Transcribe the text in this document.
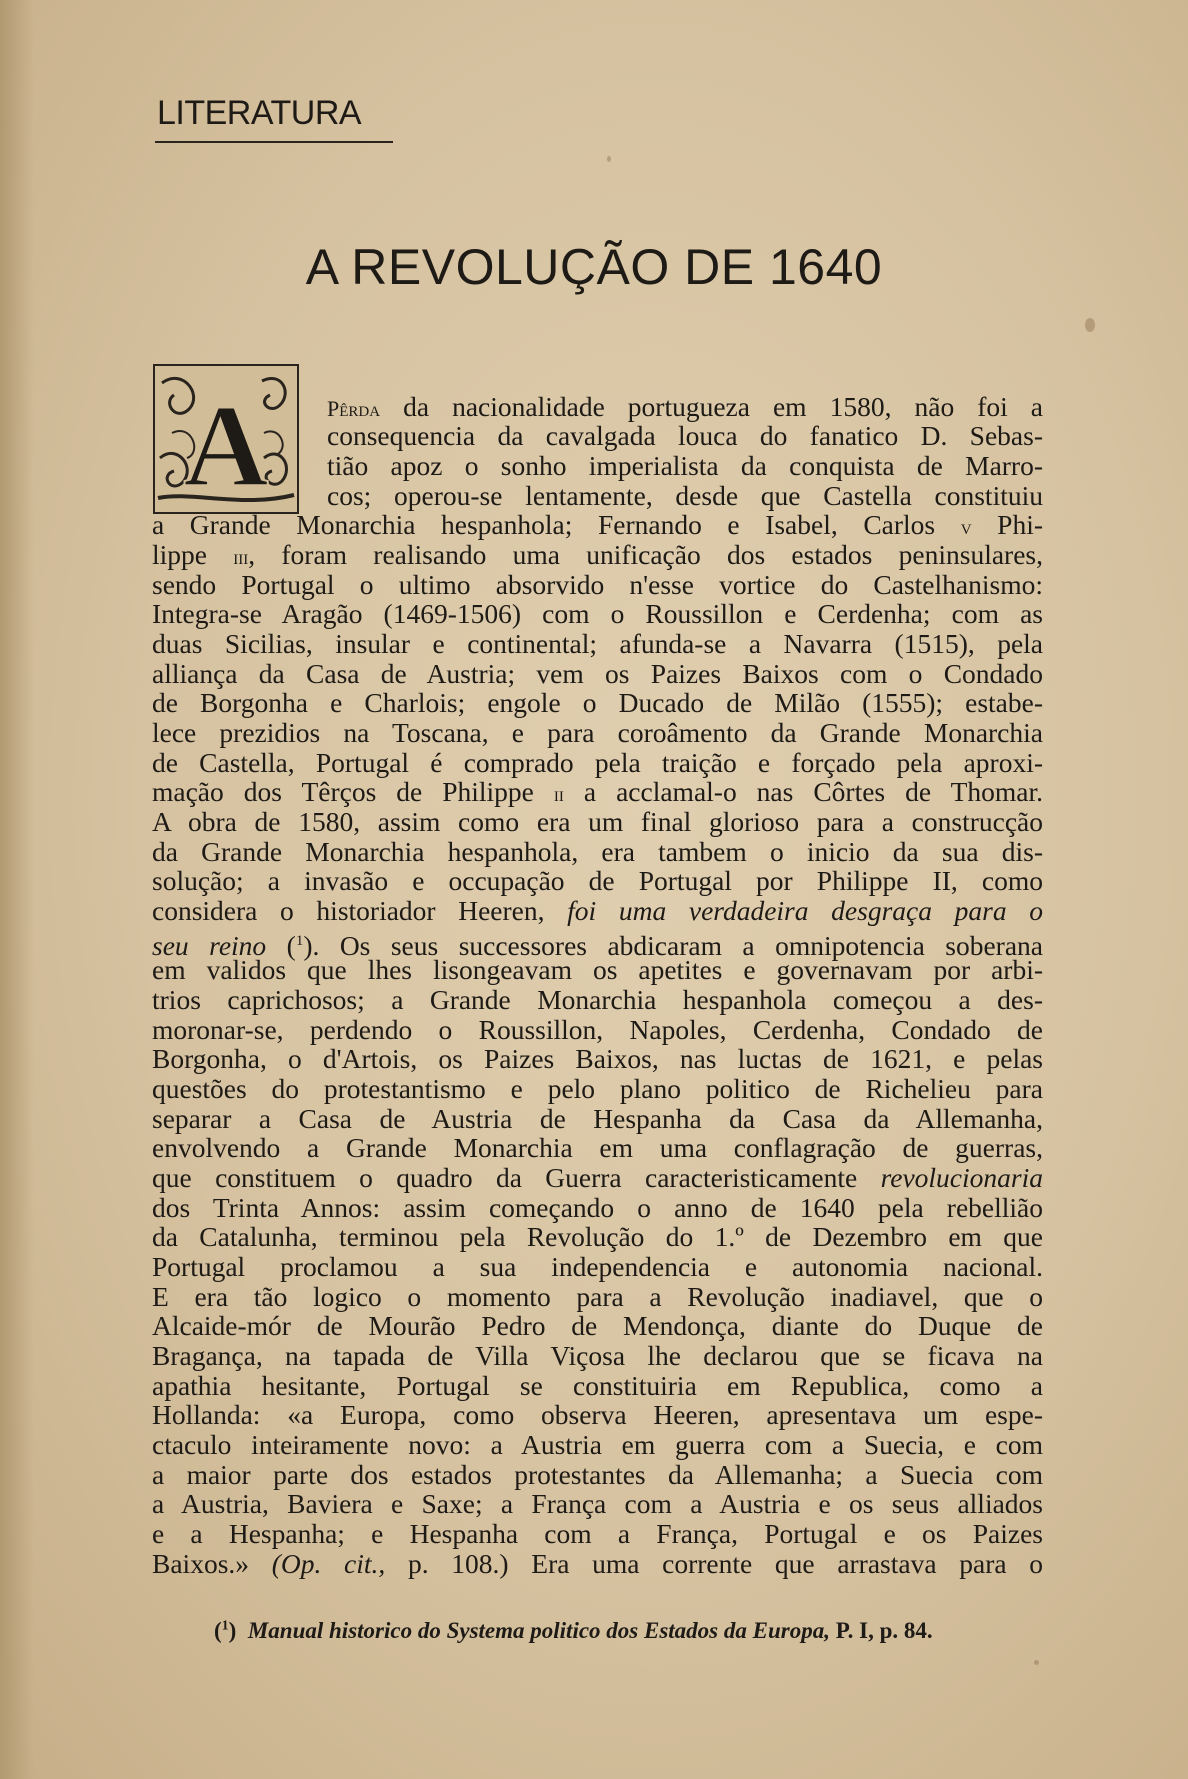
LITERATURA
A REVOLUÇÃO DE 1640
A	Pêrda da nacionalidade portugueza em 1580, não foi a
consequencia da cavalgada louca do fanatico D. Sebas-
tião apoz o sonho imperialista da conquista de Marro-
cos; operou-se lentamente, desde que Castella constituiu
a Grande Monarchia hespanhola; Fernando e Isabel, Carlos v Phi-
lippe iii, foram realisando uma unificação dos estados peninsulares,
sendo Portugal o ultimo absorvido n'esse vortice do Castelhanismo:
Integra-se Aragão (1469-1506) com o Roussillon e Cerdenha; com as
duas Sicilias, insular e continental; afunda-se a Navarra (1515), pela
alliança da Casa de Austria; vem os Paizes Baixos com o Condado
de Borgonha e Charlois; engole o Ducado de Milão (1555); estabe-
lece prezidios na Toscana, e para coroâmento da Grande Monarchia
de Castella, Portugal é comprado pela traição e forçado pela aproxi-
mação dos Têrços de Philippe ii a acclamal-o nas Côrtes de Thomar.
A obra de 1580, assim como era um final glorioso para a construcção
da Grande Monarchia hespanhola, era tambem o inicio da sua dis-
solução; a invasão e occupação de Portugal por Philippe II, como
considera o historiador Heeren, foi uma verdadeira desgraça para o
seu reino ($^1$). Os seus successores abdicaram a omnipotencia soberana
em validos que lhes lisongeavam os apetites e governavam por arbi-
trios caprichosos; a Grande Monarchia hespanhola começou a des-
moronar-se, perdendo o Roussillon, Napoles, Cerdenha, Condado de
Borgonha, o d'Artois, os Paizes Baixos, nas luctas de 1621, e pelas
questões do protestantismo e pelo plano politico de Richelieu para
separar a Casa de Austria de Hespanha da Casa da Allemanha,
envolvendo a Grande Monarchia em uma conflagração de guerras,
que constituem o quadro da Guerra caracteristicamente revolucionaria
dos Trinta Annos: assim começando o anno de 1640 pela rebellião
da Catalunha, terminou pela Revolução do 1.º de Dezembro em que
Portugal proclamou a sua independencia e autonomia nacional.
E era tão logico o momento para a Revolução inadiavel, que o
Alcaide-mór de Mourão Pedro de Mendonça, diante do Duque de
Bragança, na tapada de Villa Viçosa lhe declarou que se ficava na
apathia hesitante, Portugal se constituiria em Republica, como a
Hollanda: «a Europa, como observa Heeren, apresentava um espe-
ctaculo inteiramente novo: a Austria em guerra com a Suecia, e com
a maior parte dos estados protestantes da Allemanha; a Suecia com
a Austria, Baviera e Saxe; a França com a Austria e os seus alliados
e a Hespanha; e Hespanha com a França, Portugal e os Paizes
Baixos.» (Op. cit., p. 108.) Era uma corrente que arrastava para o
($^1$) Manual historico do Systema politico dos Estados da Europa, P. I, p. 84.
